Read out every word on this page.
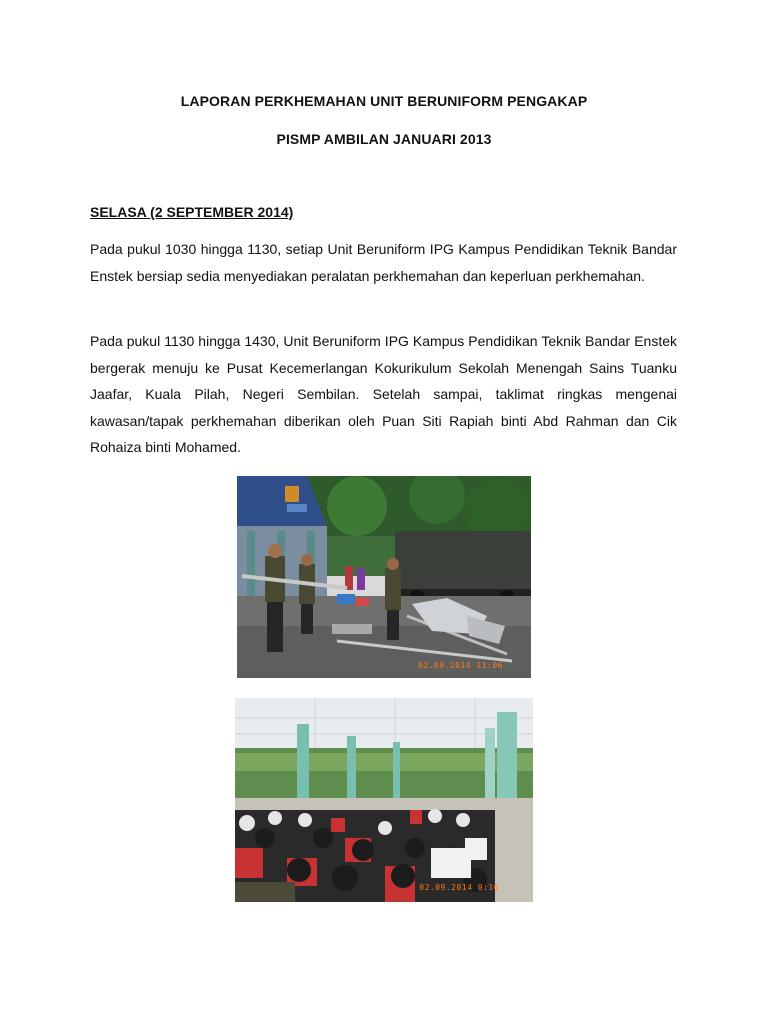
LAPORAN PERKHEMAHAN UNIT BERUNIFORM PENGAKAP
PISMP AMBILAN JANUARI 2013
SELASA (2 SEPTEMBER 2014)

Pada pukul 1030 hingga 1130, setiap Unit Beruniform IPG Kampus Pendidikan Teknik Bandar Enstek bersiap sedia menyediakan peralatan perkhemahan dan keperluan perkhemahan.

Pada pukul 1130 hingga 1430, Unit Beruniform IPG Kampus Pendidikan Teknik Bandar Enstek bergerak menuju ke Pusat Kecemerlangan Kokurikulum Sekolah Menengah Sains Tuanku Jaafar, Kuala Pilah, Negeri Sembilan. Setelah sampai, taklimat ringkas mengenai kawasan/tapak perkhemahan diberikan oleh Puan Siti Rapiah binti Abd Rahman dan Cik Rohaiza binti Mohamed.

02.09.2014 11:06
02.09.2014 0:16
